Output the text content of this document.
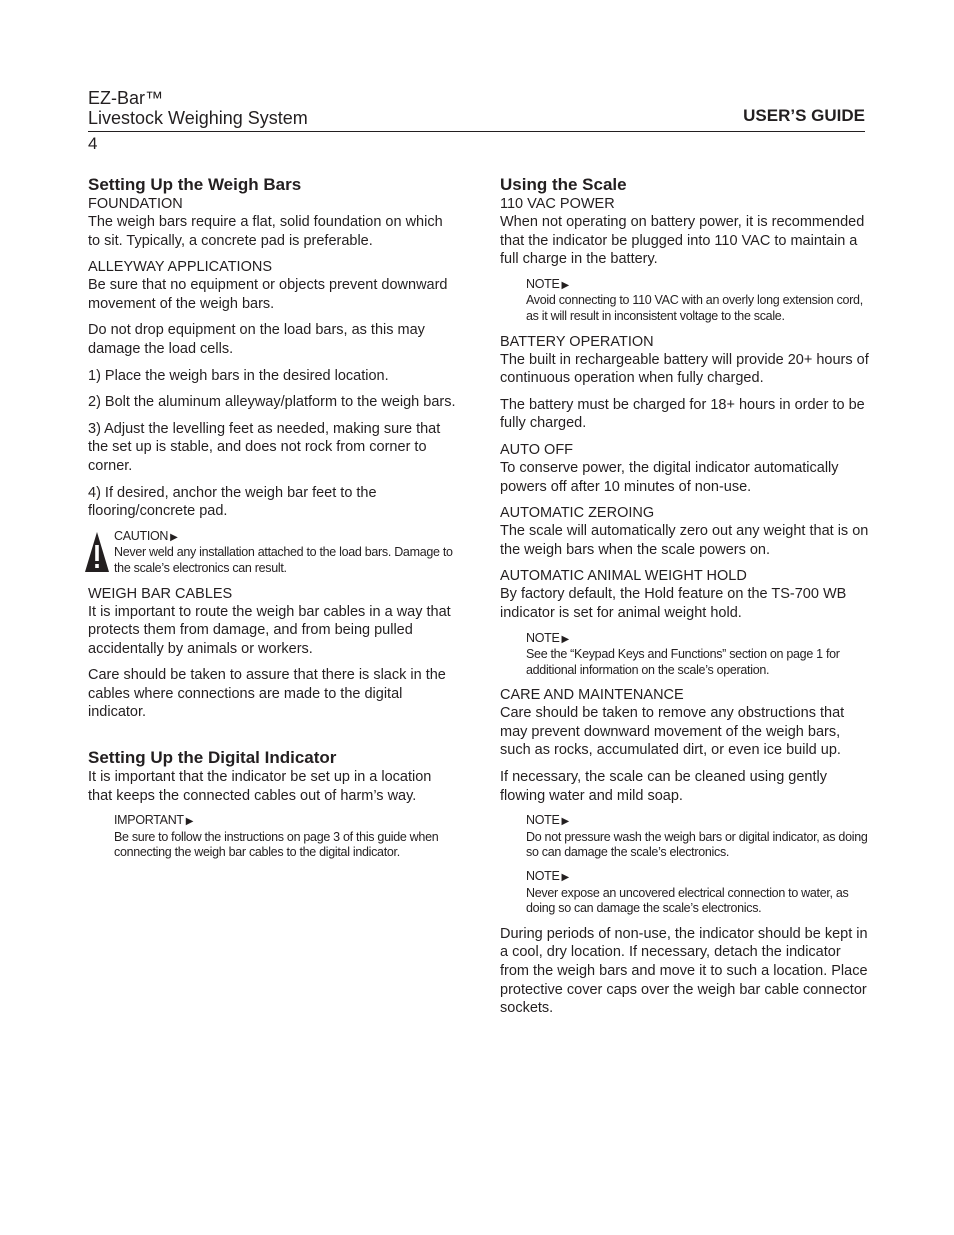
EZ-Bar™
Livestock Weighing System	USER’S GUIDE
4
Setting Up the Weigh Bars
FOUNDATION

The weigh bars require a flat, solid foundation on which to sit. Typically, a concrete pad is preferable.

ALLEYWAY APPLICATIONS

Be sure that no equipment or objects prevent downward movement of the weigh bars.

Do not drop equipment on the load bars, as this may damage the load cells.

1) Place the weigh bars in the desired location.

2) Bolt the aluminum alleyway/platform to the weigh bars.

3) Adjust the levelling feet as needed, making sure that the set up is stable, and does not rock from corner to corner.

4) If desired, anchor the weigh bar feet to the flooring/concrete pad.

CAUTION ▶
Never weld any installation attached to the load bars. Damage to the scale’s electronics can result.
WEIGH BAR CABLES

It is important to route the weigh bar cables in a way that protects them from damage, and from being pulled accidentally by animals or workers.

Care should be taken to assure that there is slack in the cables where connections are made to the digital indicator.

Setting Up the Digital Indicator

It is important that the indicator be set up in a location that keeps the connected cables out of harm’s way.

IMPORTANT ▶
Be sure to follow the instructions on page 3 of this guide when connecting the weigh bar cables to the digital indicator.
Using the Scale
110 VAC POWER

When not operating on battery power, it is recommended that the indicator be plugged into 110 VAC to maintain a full charge in the battery.

NOTE ▶
Avoid connecting to 110 VAC with an overly long extension cord, as it will result in inconsistent voltage to the scale.
BATTERY OPERATION

The built in rechargeable battery will provide 20+ hours of continuous operation when fully charged.

The battery must be charged for 18+ hours in order to be fully charged.

AUTO OFF

To conserve power, the digital indicator automatically powers off after 10 minutes of non-use.

AUTOMATIC ZEROING

The scale will automatically zero out any weight that is on the weigh bars when the scale powers on.

AUTOMATIC ANIMAL WEIGHT HOLD

By factory default, the Hold feature on the TS-700 WB indicator is set for animal weight hold.

NOTE ▶
See the “Keypad Keys and Functions” section on page 1 for additional information on the scale’s operation.
CARE AND MAINTENANCE

Care should be taken to remove any obstructions that may prevent downward movement of the weigh bars, such as rocks, accumulated dirt, or even ice build up.

If necessary, the scale can be cleaned using gently flowing water and mild soap.

NOTE ▶
Do not pressure wash the weigh bars or digital indicator, as doing so can damage the scale’s electronics.
NOTE ▶
Never expose an uncovered electrical connection to water, as doing so can damage the scale’s electronics.

During periods of non-use, the indicator should be kept in a cool, dry location. If necessary, detach the indicator from the weigh bars and move it to such a location. Place protective cover caps over the weigh bar cable connector sockets.
